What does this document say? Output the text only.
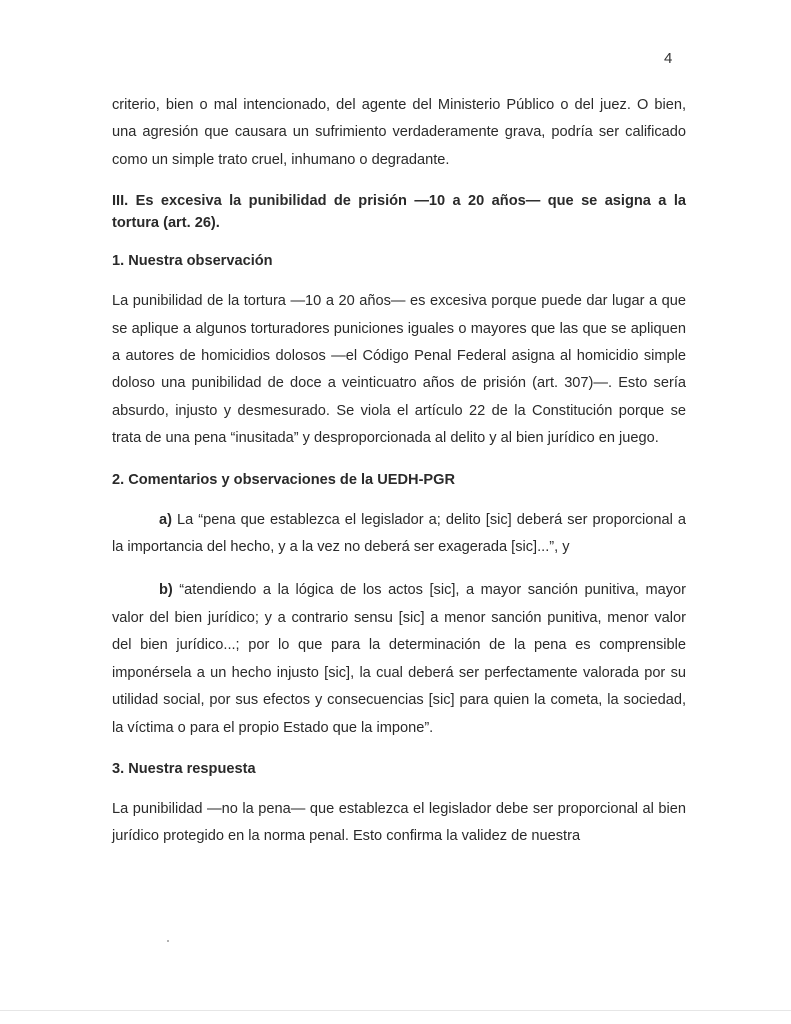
4

criterio, bien o mal intencionado, del agente del Ministerio Público o del juez. O bien, una agresión que causara un sufrimiento verdaderamente grava, podría ser calificado como un simple trato cruel, inhumano o degradante.

III. Es excesiva la punibilidad de prisión —10 a 20 años— que se asigna a la tortura (art. 26).

1. Nuestra observación

La punibilidad de la tortura —10 a 20 años— es excesiva porque puede dar lugar a que se aplique a algunos torturadores puniciones iguales o mayores que las que se apliquen a autores de homicidios dolosos —el Código Penal Federal asigna al homicidio simple doloso una punibilidad de doce a veinticuatro años de prisión (art. 307)—. Esto sería absurdo, injusto y desmesurado. Se viola el artículo 22 de la Constitución porque se trata de una pena “inusitada” y desproporcionada al delito y al bien jurídico en juego.

2. Comentarios y observaciones de la UEDH-PGR

a) La “pena que establezca el legislador a; delito [sic] deberá ser proporcional a la importancia del hecho, y a la vez no deberá ser exagerada [sic]...”, y

b) “atendiendo a la lógica de los actos [sic], a mayor sanción punitiva, mayor valor del bien jurídico; y a contrario sensu [sic] a menor sanción punitiva, menor valor del bien jurídico...; por lo que para la determinación de la pena es comprensible imponérsela a un hecho injusto [sic], la cual deberá ser perfectamente valorada por su utilidad social, por sus efectos y consecuencias [sic] para quien la cometa, la sociedad, la víctima o para el propio Estado que la impone”.

3. Nuestra respuesta

La punibilidad —no la pena— que establezca el legislador debe ser proporcional al bien jurídico protegido en la norma penal. Esto confirma la validez de nuestra
